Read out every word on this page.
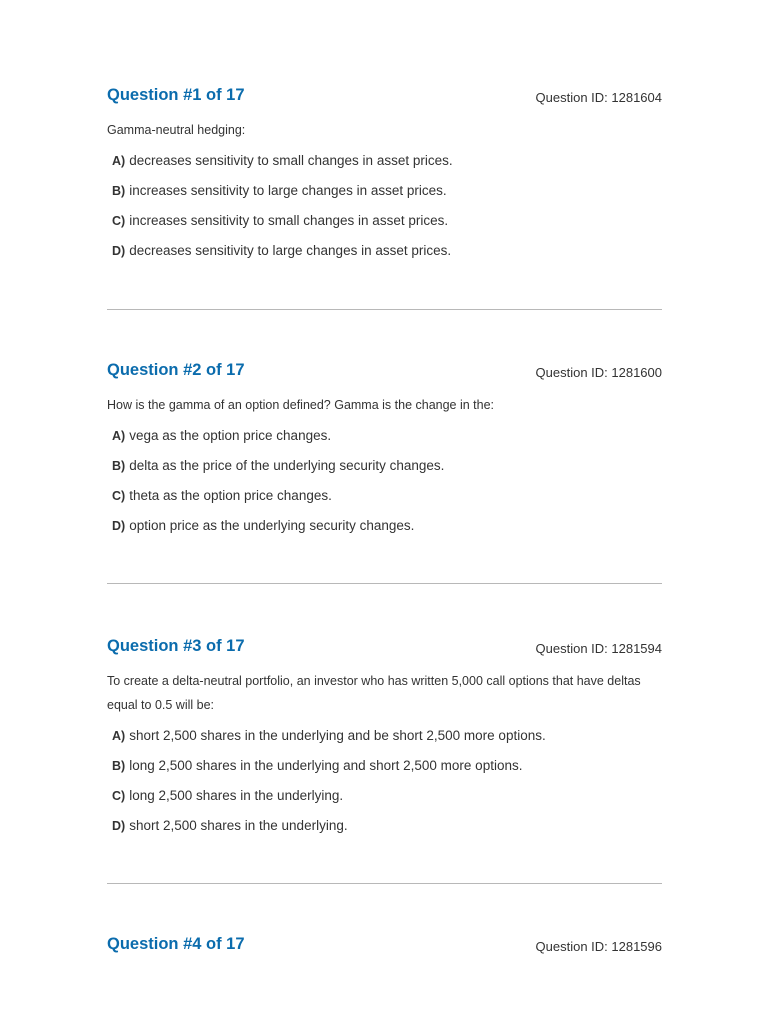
Question #1 of 17	Question ID: 1281604
Gamma-neutral hedging:
A) decreases sensitivity to small changes in asset prices.
B) increases sensitivity to large changes in asset prices.
C) increases sensitivity to small changes in asset prices.
D) decreases sensitivity to large changes in asset prices.
Question #2 of 17	Question ID: 1281600
How is the gamma of an option defined? Gamma is the change in the:
A) vega as the option price changes.
B) delta as the price of the underlying security changes.
C) theta as the option price changes.
D) option price as the underlying security changes.
Question #3 of 17	Question ID: 1281594
To create a delta-neutral portfolio, an investor who has written 5,000 call options that have deltas equal to 0.5 will be:
A) short 2,500 shares in the underlying and be short 2,500 more options.
B) long 2,500 shares in the underlying and short 2,500 more options.
C) long 2,500 shares in the underlying.
D) short 2,500 shares in the underlying.
Question #4 of 17	Question ID: 1281596
